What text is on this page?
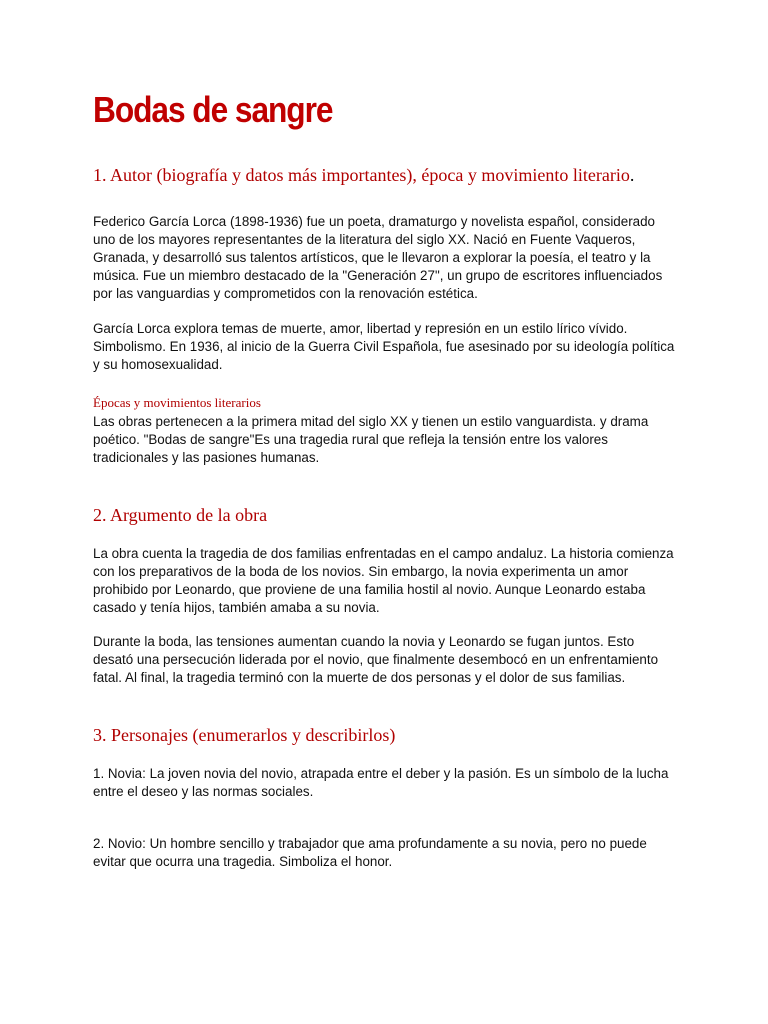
Bodas de sangre
1. Autor (biografía y datos más importantes), época y movimiento literario.

Federico García Lorca (1898-1936) fue un poeta, dramaturgo y novelista español, considerado uno de los mayores representantes de la literatura del siglo XX. Nació en Fuente Vaqueros, Granada, y desarrolló sus talentos artísticos, que le llevaron a explorar la poesía, el teatro y la música. Fue un miembro destacado de la "Generación 27", un grupo de escritores influenciados por las vanguardias y comprometidos con la renovación estética.

García Lorca explora temas de muerte, amor, libertad y represión en un estilo lírico vívido. Simbolismo. En 1936, al inicio de la Guerra Civil Española, fue asesinado por su ideología política y su homosexualidad.

Épocas y movimientos literarios

Las obras pertenecen a la primera mitad del siglo XX y tienen un estilo vanguardista. y drama poético. "Bodas de sangre"Es una tragedia rural que refleja la tensión entre los valores tradicionales y las pasiones humanas.

2. Argumento de la obra

La obra cuenta la tragedia de dos familias enfrentadas en el campo andaluz. La historia comienza con los preparativos de la boda de los novios. Sin embargo, la novia experimenta un amor prohibido por Leonardo, que proviene de una familia hostil al novio. Aunque Leonardo estaba casado y tenía hijos, también amaba a su novia.

Durante la boda, las tensiones aumentan cuando la novia y Leonardo se fugan juntos. Esto desató una persecución liderada por el novio, que finalmente desembocó en un enfrentamiento fatal. Al final, la tragedia terminó con la muerte de dos personas y el dolor de sus familias.

3. Personajes (enumerarlos y describirlos)

1. Novia: La joven novia del novio, atrapada entre el deber y la pasión. Es un símbolo de la lucha entre el deseo y las normas sociales.

2. Novio: Un hombre sencillo y trabajador que ama profundamente a su novia, pero no puede evitar que ocurra una tragedia. Simboliza el honor.
